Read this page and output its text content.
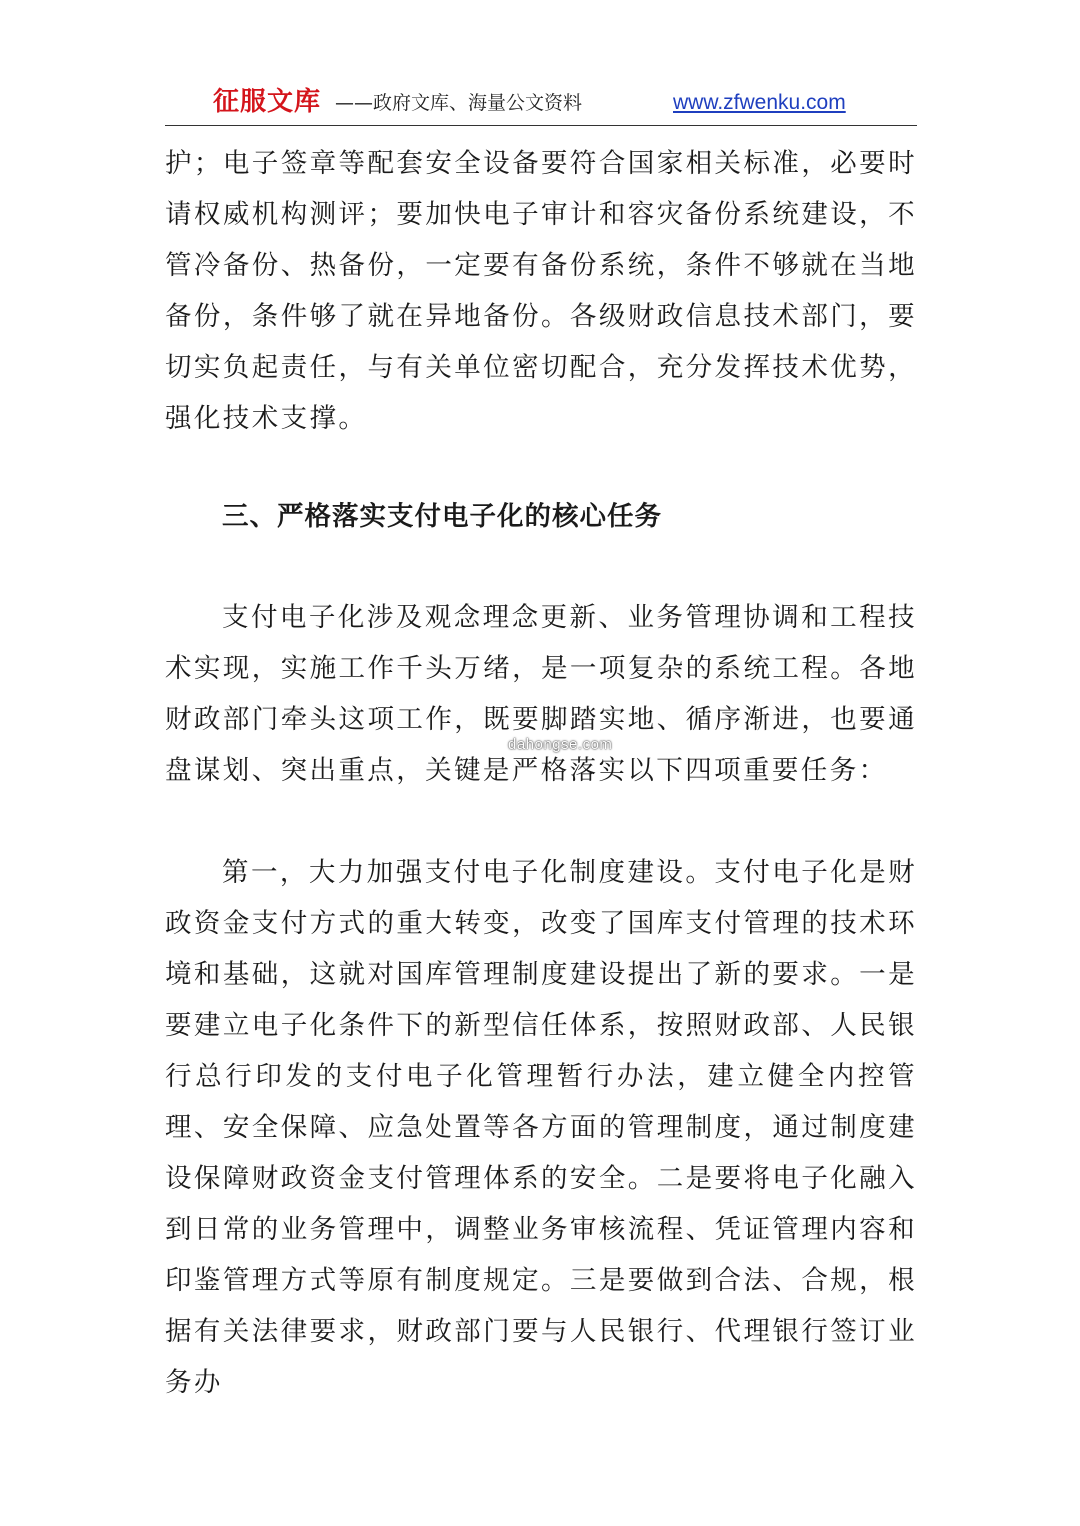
征服文库 ——政府文库、海量公文资料	www.zfwenku.com

护；电子签章等配套安全设备要符合国家相关标准，必要时请权威机构测评；要加快电子审计和容灾备份系统建设，不管冷备份、热备份，一定要有备份系统，条件不够就在当地备份，条件够了就在异地备份。各级财政信息技术部门，要切实负起责任，与有关单位密切配合，充分发挥技术优势，强化技术支撑。

三、严格落实支付电子化的核心任务

支付电子化涉及观念理念更新、业务管理协调和工程技术实现，实施工作千头万绪，是一项复杂的系统工程。各地财政部门牵头这项工作，既要脚踏实地、循序渐进，也要通盘谋划、突出重点，关键是严格落实以下四项重要任务：

dahongse.com

第一，大力加强支付电子化制度建设。支付电子化是财政资金支付方式的重大转变，改变了国库支付管理的技术环境和基础，这就对国库管理制度建设提出了新的要求。一是要建立电子化条件下的新型信任体系，按照财政部、人民银行总行印发的支付电子化管理暂行办法，建立健全内控管理、安全保障、应急处置等各方面的管理制度，通过制度建设保障财政资金支付管理体系的安全。二是要将电子化融入到日常的业务管理中，调整业务审核流程、凭证管理内容和印鉴管理方式等原有制度规定。三是要做到合法、合规，根据有关法律要求，财政部门要与人民银行、代理银行签订业务办
